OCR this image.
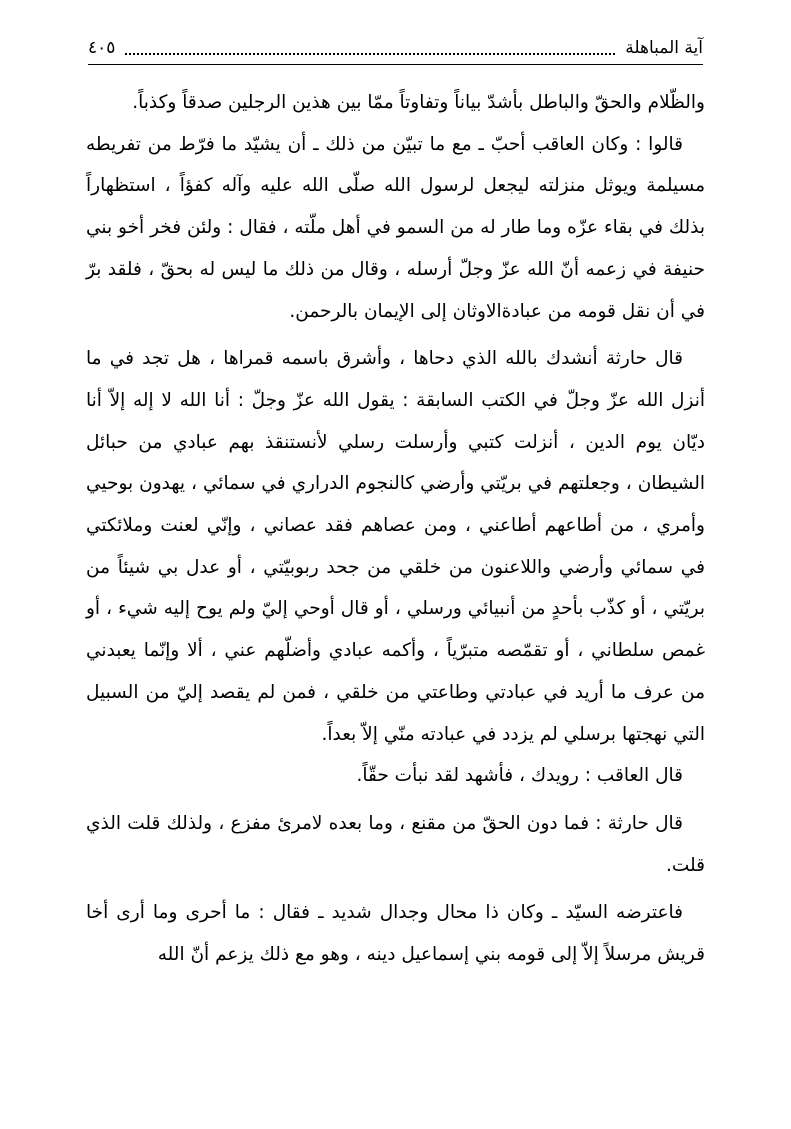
آية المباهلة
٤٠٥

والظّلام والحقّ والباطل بأشدّ بياناً وتفاوتاً ممّا بين هذين الرجلين صدقاً وكذباً.

قالوا : وكان العاقب أحبّ ـ مع ما تبيّن من ذلك ـ أن يشيّد ما فرّط من تفريطه مسيلمة ويوثل منزلته ليجعل لرسول الله صلّى الله عليه وآله كفؤاً ، استظهاراً بذلك في بقاء عزّه وما طار له من السمو في أهل ملّته ، فقال : ولئن فخر أخو بني حنيفة في زعمه أنّ الله عزّ وجلّ أرسله ، وقال من ذلك ما ليس له بحقّ ، فلقد برّ في أن نقل قومه من عبادةالاوثان إلى الإيمان بالرحمن.

قال حارثة أنشدك بالله الذي دحاها ، وأشرق باسمه قمراها ، هل تجد في ما أنزل الله عزّ وجلّ في الكتب السابقة : يقول الله عزّ وجلّ : أنا الله لا إله إلاّ أنا ديّان يوم الدين ، أنزلت كتبي وأرسلت رسلي لأنستنقذ بهم عبادي من حبائل الشيطان ، وجعلتهم في بريّتي وأرضي كالنجوم الدراري في سمائي ، يهدون بوحيي وأمري ، من أطاعهم أطاعني ، ومن عصاهم فقد عصاني ، وإنّي لعنت وملائكتي في سمائي وأرضي واللاعنون من خلقي من جحد ربوبيّتي ، أو عدل بي شيئاً من بريّتي ، أو كذّب بأحدٍ من أنبيائي ورسلي ، أو قال أوحي إليّ ولم يوح إليه شيء ، أو غمص سلطاني ، أو تقمّصه متبرّياً ، وأكمه عبادي وأضلّهم عني ، ألا وإنّما يعبدني من عرف ما أريد في عبادتي وطاعتي من خلقي ، فمن لم يقصد إليّ من السبيل التي نهجتها برسلي لم يزدد في عبادته منّي إلاّ بعداً.

قال العاقب : رويدك ، فأشهد لقد نبأت حقّاً.

قال حارثة : فما دون الحقّ من مقنع ، وما بعده لامرئ مفزع ، ولذلك قلت الذي قلت.

فاعترضه السيّد ـ وكان ذا محال وجدال شديد ـ فقال : ما أحرى وما أرى أخا قريش مرسلاً إلاّ إلى قومه بني إسماعيل دينه ، وهو مع ذلك يزعم أنّ الله
